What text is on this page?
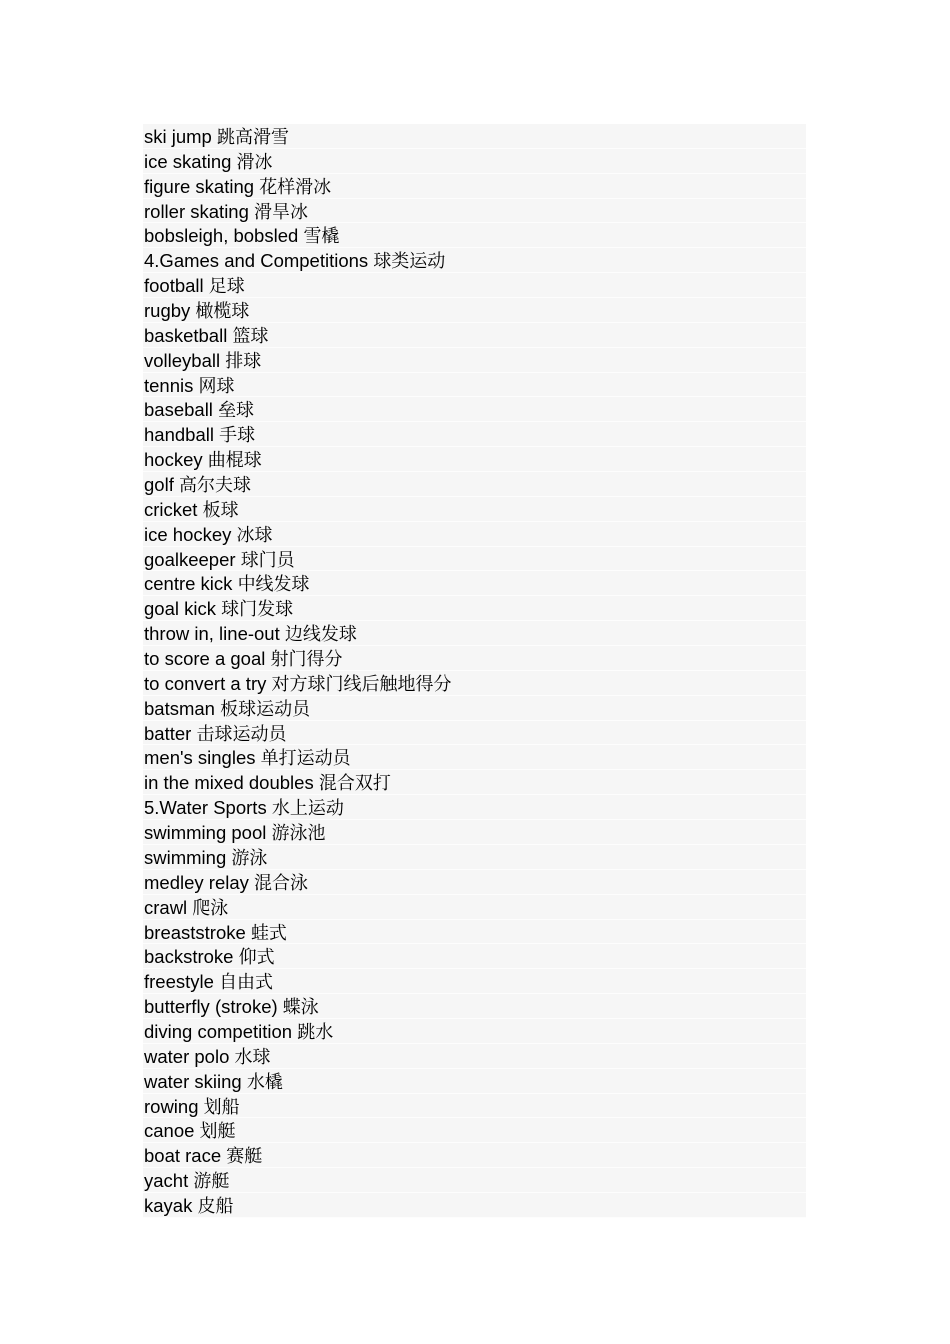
ski jump 跳高滑雪
ice skating 滑冰
figure skating 花样滑冰
roller skating 滑旱冰
bobsleigh, bobsled 雪橇
4.Games and Competitions 球类运动
football 足球
rugby 橄榄球
basketball 篮球
volleyball 排球
tennis 网球
baseball 垒球
handball 手球
hockey 曲棍球
golf 高尔夫球
cricket 板球
ice hockey 冰球
goalkeeper 球门员
centre kick 中线发球
goal kick 球门发球
throw in, line-out 边线发球
to score a goal 射门得分
to convert a try 对方球门线后触地得分
batsman 板球运动员
batter 击球运动员
men's singles 单打运动员
in the mixed doubles 混合双打
5.Water Sports 水上运动
swimming pool 游泳池
swimming 游泳
medley relay 混合泳
crawl 爬泳
breaststroke 蛙式
backstroke 仰式
freestyle 自由式
butterfly (stroke) 蝶泳
diving competition 跳水
water polo 水球
water skiing 水橇
rowing 划船
canoe 划艇
boat race 赛艇
yacht 游艇
kayak 皮船
